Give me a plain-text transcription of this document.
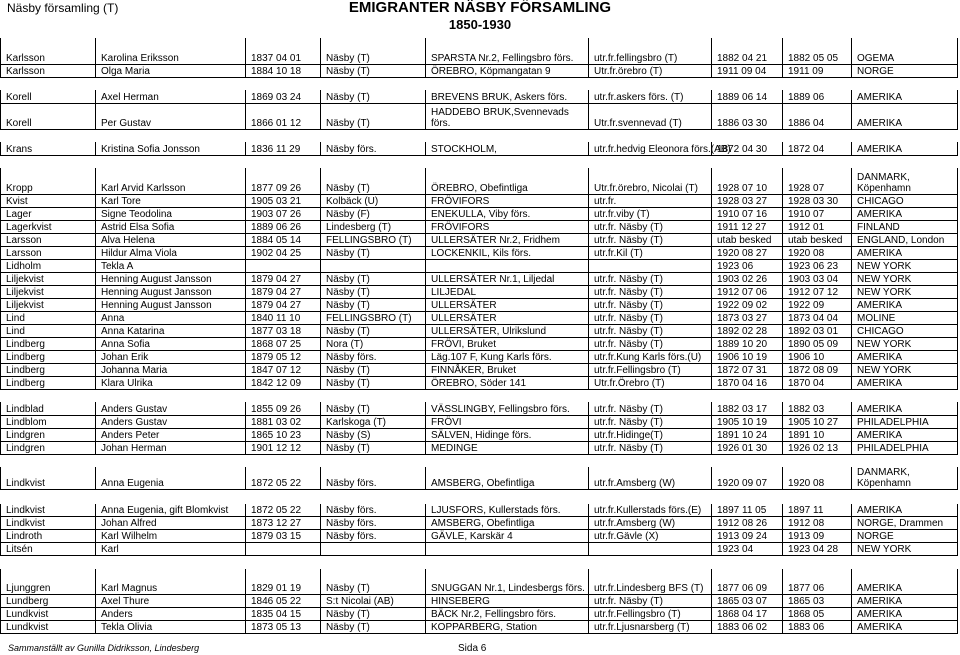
Näsby församling (T)	EMIGRANTER NÄSBY FÖRSAMLING
1850-1930
Karlsson	Karolina Eriksson	1837 04 01	Näsby (T)	SPARSTA Nr.2, Fellingsbro förs.	utr.fr.fellingsbro (T)	1882 04 21	1882 05 05	OGEMA
Karlsson	Olga Maria	1884 10 18	Näsby (T)	ÖREBRO, Köpmangatan 9	Utr.fr.örebro (T)	1911 09 04	1911 09	NORGE

Korell	Axel Herman	1869 03 24	Näsby (T)	BREVENS BRUK, Askers förs.	utr.fr.askers förs. (T)	1889 06 14	1889 06	AMERIKA
Korell	Per Gustav	1866 01 12	Näsby (T)	HADDEBO BRUK,Svennevads förs.	Utr.fr.svennevad (T)	1886 03 30	1886 04	AMERIKA

Krans	Kristina Sofia Jonsson	1836 11 29	Näsby förs.	STOCKHOLM,	utr.fr.hedvig Eleonora förs.(AB)	1872 04 30	1872 04	AMERIKA

Kropp	Karl Arvid Karlsson	1877 09 26	Näsby (T)	ÖREBRO, Obefintliga	Utr.fr.örebro, Nicolai (T)	1928 07 10	1928 07	DANMARK, Köpenhamn
Kvist	Karl Tore	1905 03 21	Kolbäck (U)	FRÖVIFORS	utr.fr.	1928 03 27	1928 03 30	CHICAGO
Lager	Signe Teodolina	1903 07 26	Näsby (F)	ENEKULLA, Viby förs.	utr.fr.viby (T)	1910 07 16	1910 07	AMERIKA
Lagerkvist	Astrid Elsa Sofia	1889 06 26	Lindesberg (T)	FRÖVIFORS	utr.fr. Näsby (T)	1911 12 27	1912 01	FINLAND
Larsson	Alva Helena	1884 05 14	FELLINGSBRO (T)	ULLERSÄTER Nr.2, Fridhem	utr.fr. Näsby (T)	utab besked	utab besked	ENGLAND, London
Larsson	Hildur Alma Viola	1902 04 25	Näsby (T)	LOCKENKIL, Kils förs.	utr.fr.Kil (T)	1920 08 27	1920 08	AMERIKA
Lidholm	Tekla A					1923 06	1923 06 23	NEW YORK
Liljekvist	Henning August Jansson	1879 04 27	Näsby (T)	ULLERSÄTER Nr.1, Liljedal	utr.fr. Näsby (T)	1903 02 26	1903 03 04	NEW YORK
Liljekvist	Henning August Jansson	1879 04 27	Näsby (T)	LILJEDAL	utr.fr. Näsby (T)	1912 07 06	1912 07 12	NEW YORK
Liljekvist	Henning August Jansson	1879 04 27	Näsby (T)	ULLERSÄTER	utr.fr. Näsby (T)	1922 09 02	1922 09	AMERIKA
Lind	Anna	1840 11 10	FELLINGSBRO (T)	ULLERSÄTER	utr.fr. Näsby (T)	1873 03 27	1873 04 04	MOLINE
Lind	Anna Katarina	1877 03 18	Näsby (T)	ULLERSÄTER, Ulrikslund	utr.fr. Näsby (T)	1892 02 28	1892 03 01	CHICAGO
Lindberg	Anna Sofia	1868 07 25	Nora (T)	FRÖVI, Bruket	utr.fr. Näsby (T)	1889 10 20	1890 05 09	NEW YORK
Lindberg	Johan Erik	1879 05 12	Näsby förs.	Läg.107 F, Kung Karls förs.	utr.fr.Kung Karls förs.(U)	1906 10 19	1906 10	AMERIKA
Lindberg	Johanna Maria	1847 07 12	Näsby (T)	FINNÅKER, Bruket	utr.fr.Fellingsbro (T)	1872 07 31	1872 08 09	NEW YORK
Lindberg	Klara Ulrika	1842 12 09	Näsby (T)	ÖREBRO, Söder 141	Utr.fr.Örebro (T)	1870 04 16	1870 04	AMERIKA

Lindblad	Anders Gustav	1855 09 26	Näsby (T)	VÄSSLINGBY, Fellingsbro förs.	utr.fr. Näsby (T)	1882 03 17	1882 03	AMERIKA
Lindblom	Anders Gustav	1881 03 02	Karlskoga (T)	FRÖVI	utr.fr. Näsby (T)	1905 10 19	1905 10 27	PHILADELPHIA
Lindgren	Anders Peter	1865 10 23	Näsby (S)	SÄLVEN, Hidinge förs.	utr.fr.Hidinge(T)	1891 10 24	1891 10	AMERIKA
Lindgren	Johan Herman	1901 12 12	Näsby (T)	MEDINGE	utr.fr. Näsby (T)	1926 01 30	1926 02 13	PHILADELPHIA

Lindkvist	Anna Eugenia	1872 05 22	Näsby förs.	AMSBERG, Obefintliga	utr.fr.Amsberg (W)	1920 09 07	1920 08	DANMARK, Köpenhamn

Lindkvist	Anna Eugenia, gift Blomkvist	1872 05 22	Näsby förs.	LJUSFORS, Kullerstads förs.	utr.fr.Kullerstads förs.(E)	1897 11 05	1897 11	AMERIKA
Lindkvist	Johan Alfred	1873 12 27	Näsby förs.	AMSBERG, Obefintliga	utr.fr.Amsberg (W)	1912 08 26	1912 08	NORGE, Drammen
Lindroth	Karl Wilhelm	1879 03 15	Näsby förs.	GÄVLE, Karskär 4	utr.fr.Gävle (X)	1913 09 24	1913 09	NORGE
Litsén	Karl					1923 04	1923 04 28	NEW YORK

Ljunggren	Karl Magnus	1829 01 19	Näsby (T)	SNUGGAN Nr.1, Lindesbergs förs.	utr.fr.Lindesberg BFS (T)	1877 06 09	1877 06	AMERIKA
Lundberg	Axel Thure	1846 05 22	S:t Nicolai (AB)	HINSEBERG	utr.fr. Näsby (T)	1865 03 07	1865 03	AMERIKA
Lundkvist	Anders	1835 04 15	Näsby (T)	BÄCK Nr.2, Fellingsbro förs.	utr.fr.Fellingsbro (T)	1868 04 17	1868 05	AMERIKA
Lundkvist	Tekla Olivia	1873 05 13	Näsby (T)	KOPPARBERG, Station	utr.fr.Ljusnarsberg (T)	1883 06 02	1883 06	AMERIKA
Sammanställt av Gunilla Didriksson, Lindesberg	Sida 6
